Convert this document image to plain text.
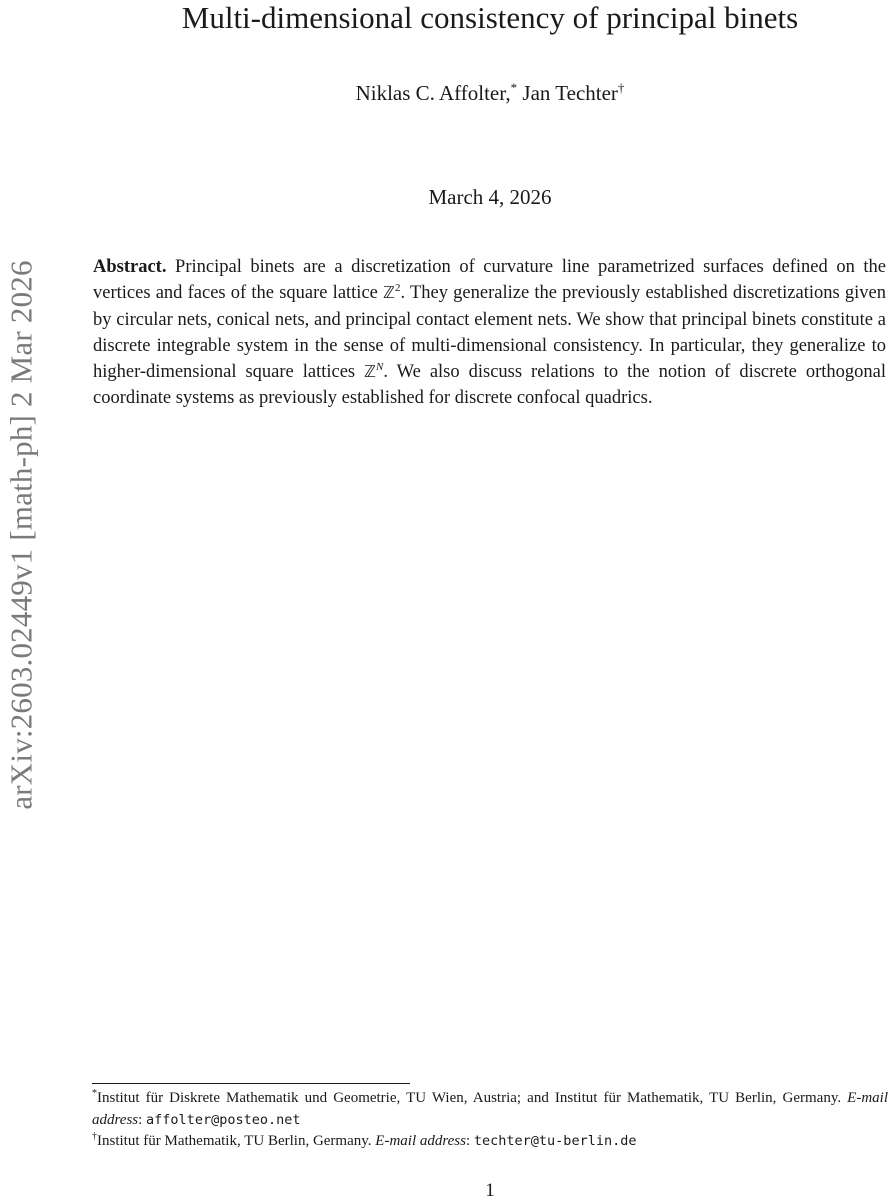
arXiv:2603.02449v1 [math-ph] 2 Mar 2026
Multi-dimensional consistency of principal binets
Niklas C. Affolter,* Jan Techter†
March 4, 2026
Abstract. Principal binets are a discretization of curvature line parametrized surfaces defined on the vertices and faces of the square lattice ℤ$^2$. They generalize the previously established discretizations given by circular nets, conical nets, and principal contact element nets. We show that principal binets constitute a discrete integrable system in the sense of multi-dimensional consistency. In particular, they generalize to higher-dimensional square lattices ℤ$^N$. We also discuss relations to the notion of discrete orthogonal coordinate systems as previously established for discrete confocal quadrics.
*Institut für Diskrete Mathematik und Geometrie, TU Wien, Austria; and Institut für Mathematik, TU Berlin, Germany. E-mail address: affolter@posteo.net
†Institut für Mathematik, TU Berlin, Germany. E-mail address: techter@tu-berlin.de
1
